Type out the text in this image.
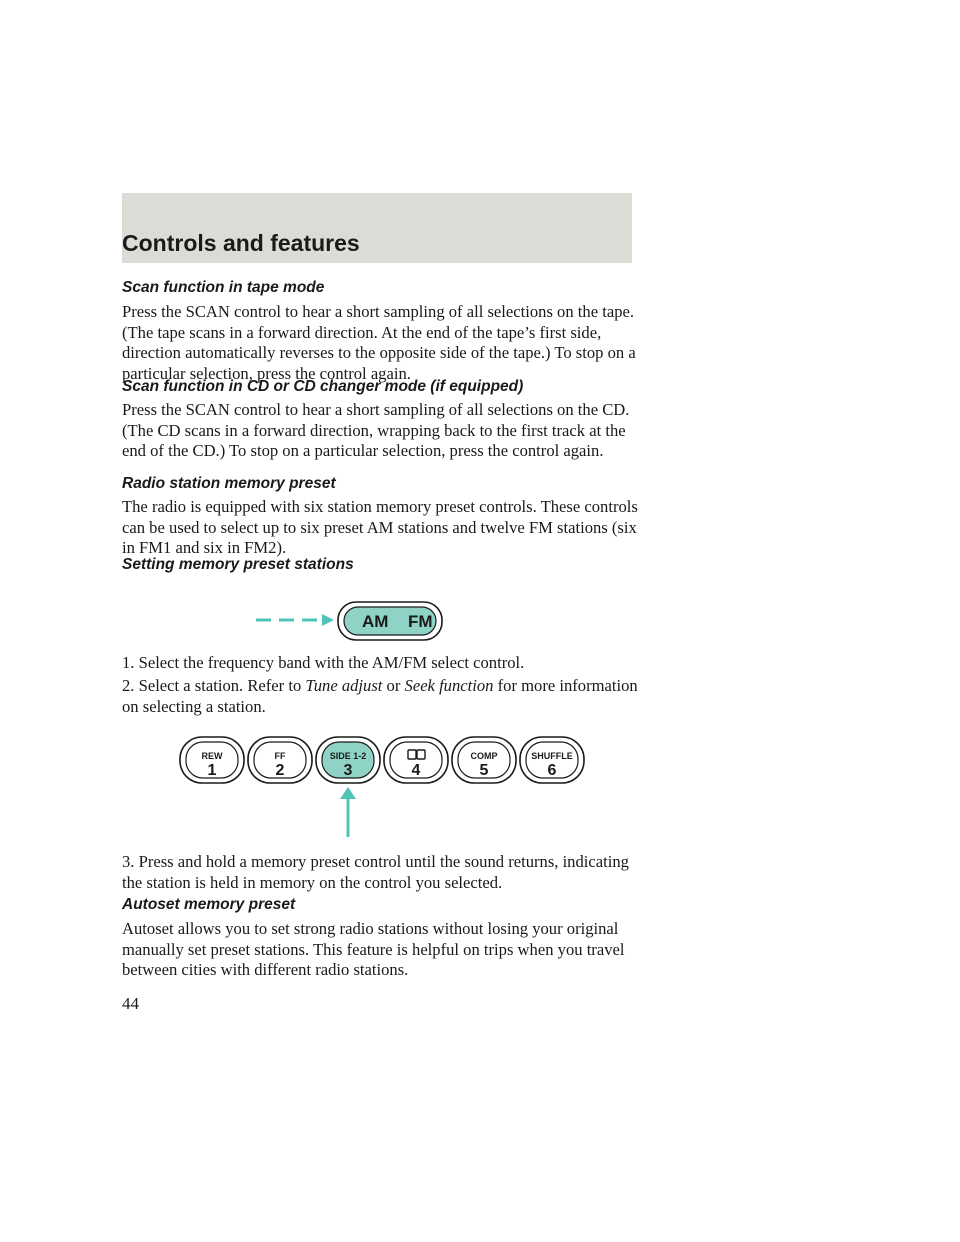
Controls and features
Scan function in tape mode

Press the SCAN control to hear a short sampling of all selections on the tape. (The tape scans in a forward direction. At the end of the tape’s first side, direction automatically reverses to the opposite side of the tape.) To stop on a particular selection, press the control again.

Scan function in CD or CD changer mode (if equipped)

Press the SCAN control to hear a short sampling of all selections on the CD. (The CD scans in a forward direction, wrapping back to the first track at the end of the CD.) To stop on a particular selection, press the control again.

Radio station memory preset

The radio is equipped with six station memory preset controls. These controls can be used to select up to six preset AM stations and twelve FM stations (six in FM1 and six in FM2).

Setting memory preset stations
AM FM

1. Select the frequency band with the AM/FM select control.

2. Select a station. Refer to Tune adjust or Seek function for more information on selecting a station.

REW
1
FF
2
SIDE 1-2
3	4
COMP
5
SHUFFLE
6

3. Press and hold a memory preset control until the sound returns, indicating the station is held in memory on the control you selected.

Autoset memory preset

Autoset allows you to set strong radio stations without losing your original manually set preset stations. This feature is helpful on trips when you travel between cities with different radio stations.

44
